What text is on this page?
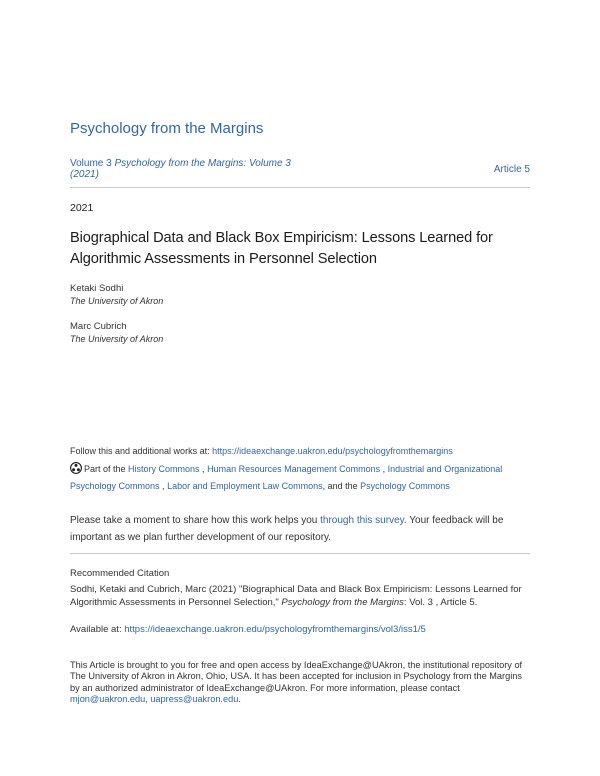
Psychology from the Margins
Volume 3 Psychology from the Margins: Volume 3 (2021)	Article 5
2021
Biographical Data and Black Box Empiricism: Lessons Learned for Algorithmic Assessments in Personnel Selection
Ketaki Sodhi
The University of Akron
Marc Cubrich
The University of Akron
Follow this and additional works at: https://ideaexchange.uakron.edu/psychologyfromthemargins
Part of the History Commons , Human Resources Management Commons , Industrial and Organizational Psychology Commons , Labor and Employment Law Commons, and the Psychology Commons
Please take a moment to share how this work helps you through this survey. Your feedback will be important as we plan further development of our repository.
Recommended Citation
Sodhi, Ketaki and Cubrich, Marc (2021) "Biographical Data and Black Box Empiricism: Lessons Learned for Algorithmic Assessments in Personnel Selection," Psychology from the Margins: Vol. 3 , Article 5.
Available at: https://ideaexchange.uakron.edu/psychologyfromthemargins/vol3/iss1/5
This Article is brought to you for free and open access by IdeaExchange@UAkron, the institutional repository of The University of Akron in Akron, Ohio, USA. It has been accepted for inclusion in Psychology from the Margins by an authorized administrator of IdeaExchange@UAkron. For more information, please contact mjon@uakron.edu, uapress@uakron.edu.
